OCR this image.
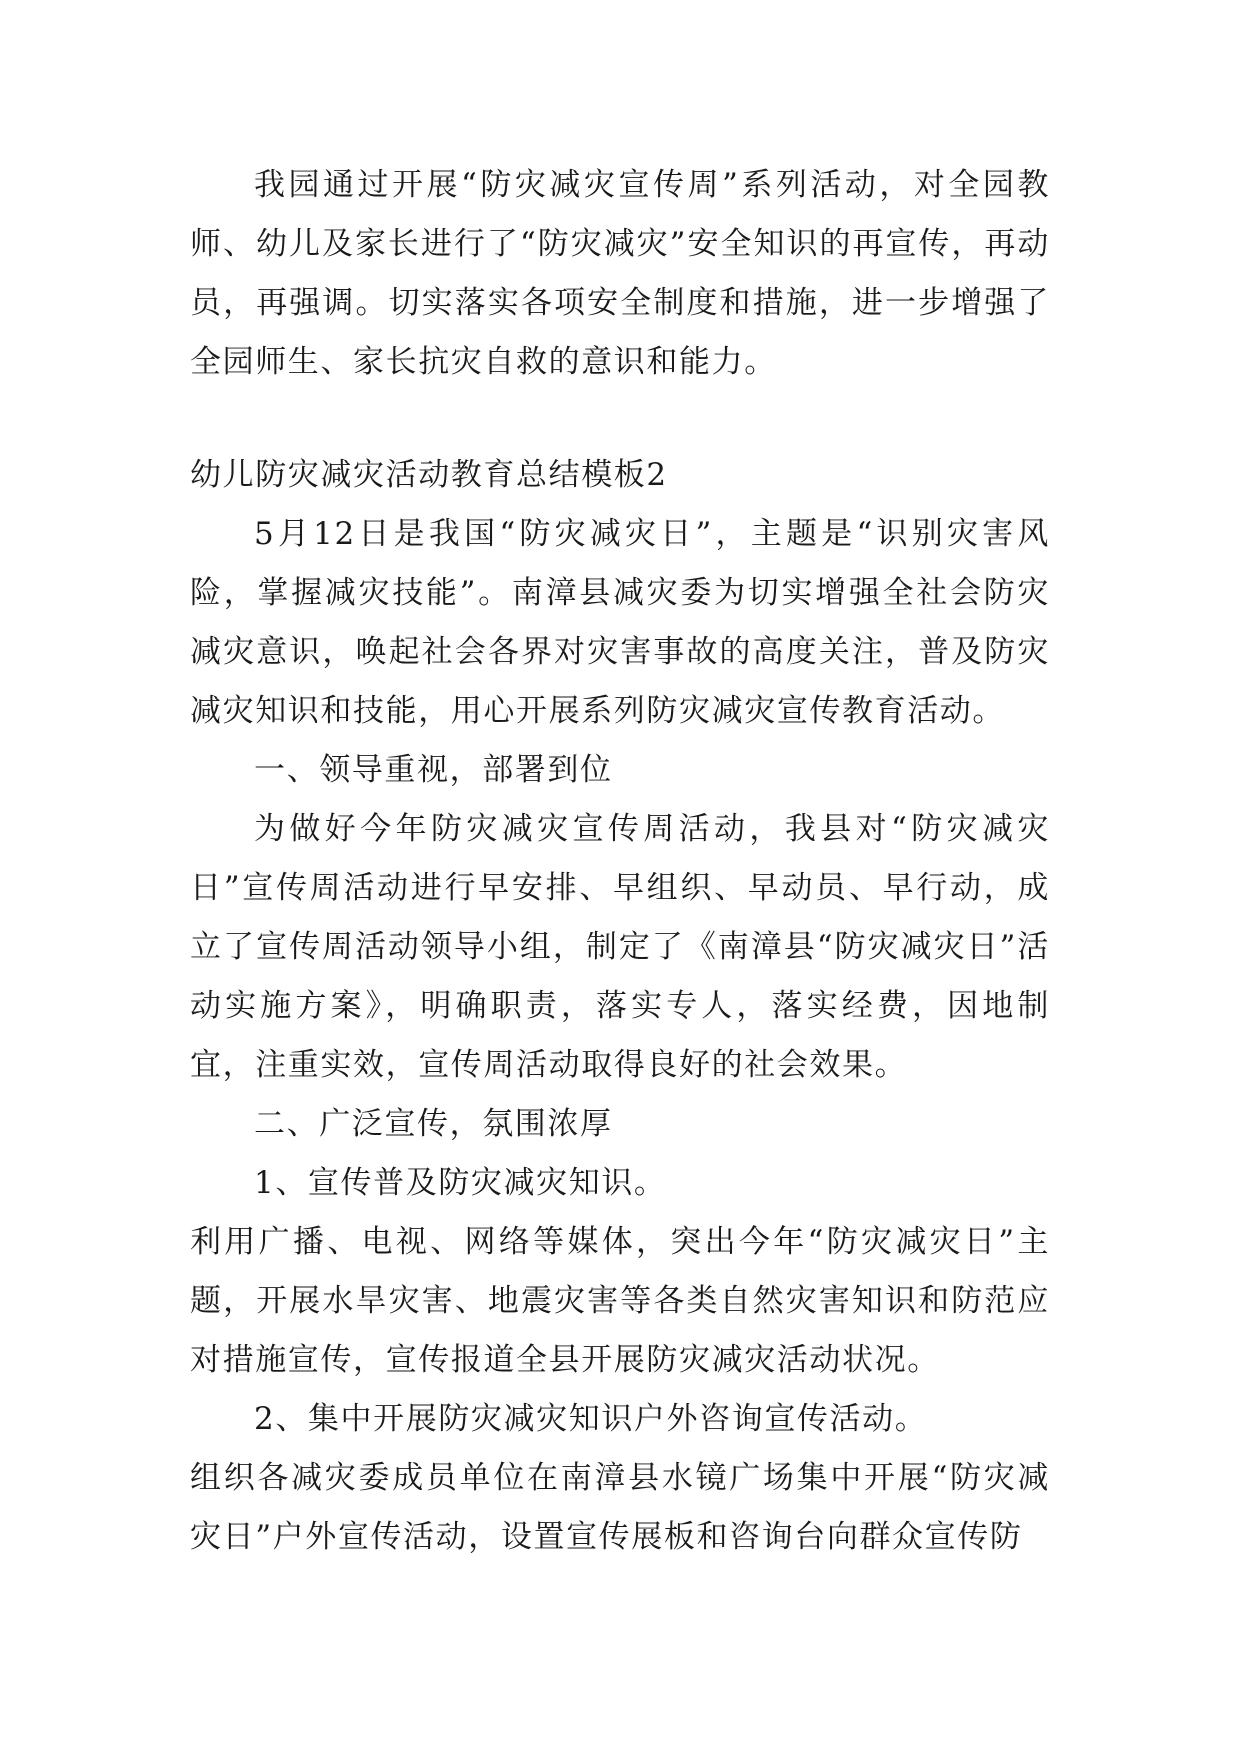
我园通过开展“防灾减灾宣传周”系列活动，对全园教师、幼儿及家长进行了“防灾减灾”安全知识的再宣传，再动员，再强调。切实落实各项安全制度和措施，进一步增强了全园师生、家长抗灾自救的意识和能力。

幼儿防灾减灾活动教育总结模板2

5月12日是我国“防灾减灾日”，主题是“识别灾害风险，掌握减灾技能”。南漳县减灾委为切实增强全社会防灾减灾意识，唤起社会各界对灾害事故的高度关注，普及防灾减灾知识和技能，用心开展系列防灾减灾宣传教育活动。

一、领导重视，部署到位

为做好今年防灾减灾宣传周活动，我县对“防灾减灾日”宣传周活动进行早安排、早组织、早动员、早行动，成立了宣传周活动领导小组，制定了《南漳县“防灾减灾日”活动实施方案》，明确职责，落实专人，落实经费，因地制宜，注重实效，宣传周活动取得良好的社会效果。

二、广泛宣传，氛围浓厚

1、宣传普及防灾减灾知识。

利用广播、电视、网络等媒体，突出今年“防灾减灾日”主题，开展水旱灾害、地震灾害等各类自然灾害知识和防范应对措施宣传，宣传报道全县开展防灾减灾活动状况。

2、集中开展防灾减灾知识户外咨询宣传活动。

组织各减灾委成员单位在南漳县水镜广场集中开展“防灾减灾日”户外宣传活动，设置宣传展板和咨询台向群众宣传防
